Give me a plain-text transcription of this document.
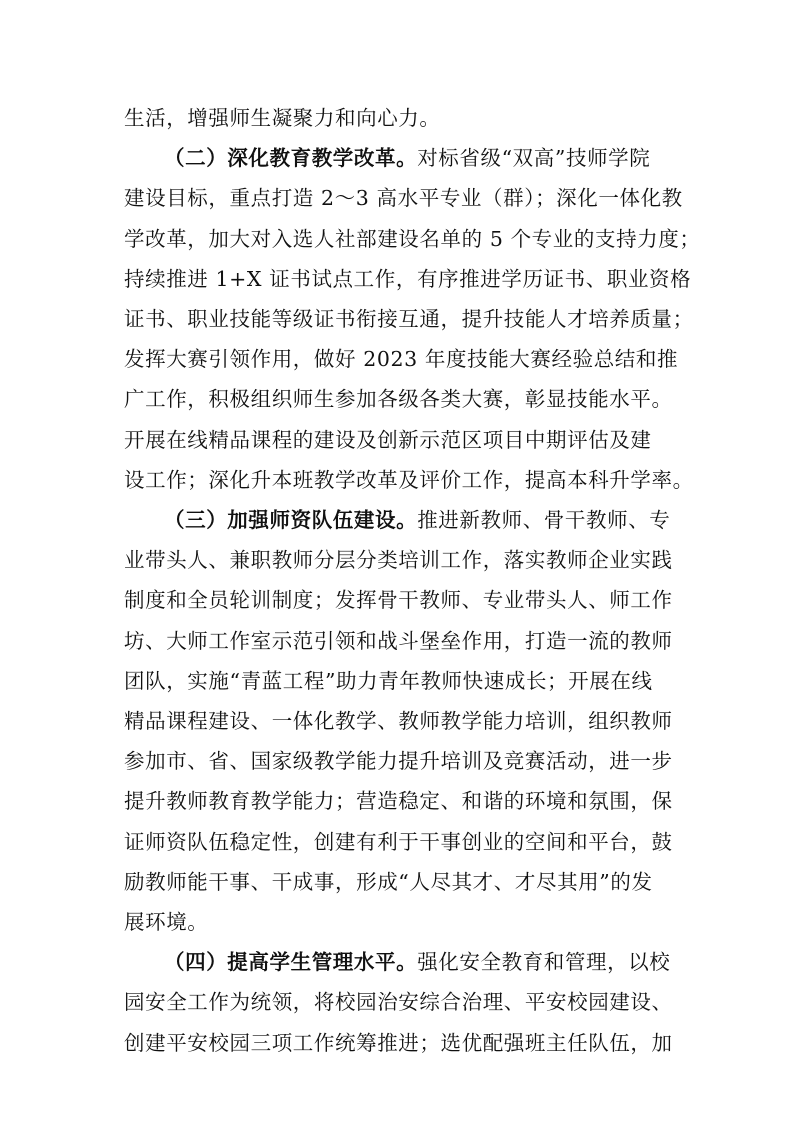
生活，增强师生凝聚力和向心力。
（二）深化教育教学改革。对标省级“双高”技师学院
建设目标，重点打造 2～3 高水平专业（群）；深化一体化教
学改革，加大对入选人社部建设名单的 5 个专业的支持力度；
持续推进 1+X 证书试点工作，有序推进学历证书、职业资格
证书、职业技能等级证书衔接互通，提升技能人才培养质量；
发挥大赛引领作用，做好 2023 年度技能大赛经验总结和推
广工作，积极组织师生参加各级各类大赛，彰显技能水平。
开展在线精品课程的建设及创新示范区项目中期评估及建
设工作；深化升本班教学改革及评价工作，提高本科升学率。
（三）加强师资队伍建设。推进新教师、骨干教师、专
业带头人、兼职教师分层分类培训工作，落实教师企业实践
制度和全员轮训制度；发挥骨干教师、专业带头人、师工作
坊、大师工作室示范引领和战斗堡垒作用，打造一流的教师
团队，实施“青蓝工程”助力青年教师快速成长；开展在线
精品课程建设、一体化教学、教师教学能力培训，组织教师
参加市、省、国家级教学能力提升培训及竞赛活动，进一步
提升教师教育教学能力；营造稳定、和谐的环境和氛围，保
证师资队伍稳定性，创建有利于干事创业的空间和平台，鼓
励教师能干事、干成事，形成“人尽其才、才尽其用”的发
展环境。
（四）提高学生管理水平。强化安全教育和管理，以校
园安全工作为统领，将校园治安综合治理、平安校园建设、
创建平安校园三项工作统筹推进；选优配强班主任队伍，加
